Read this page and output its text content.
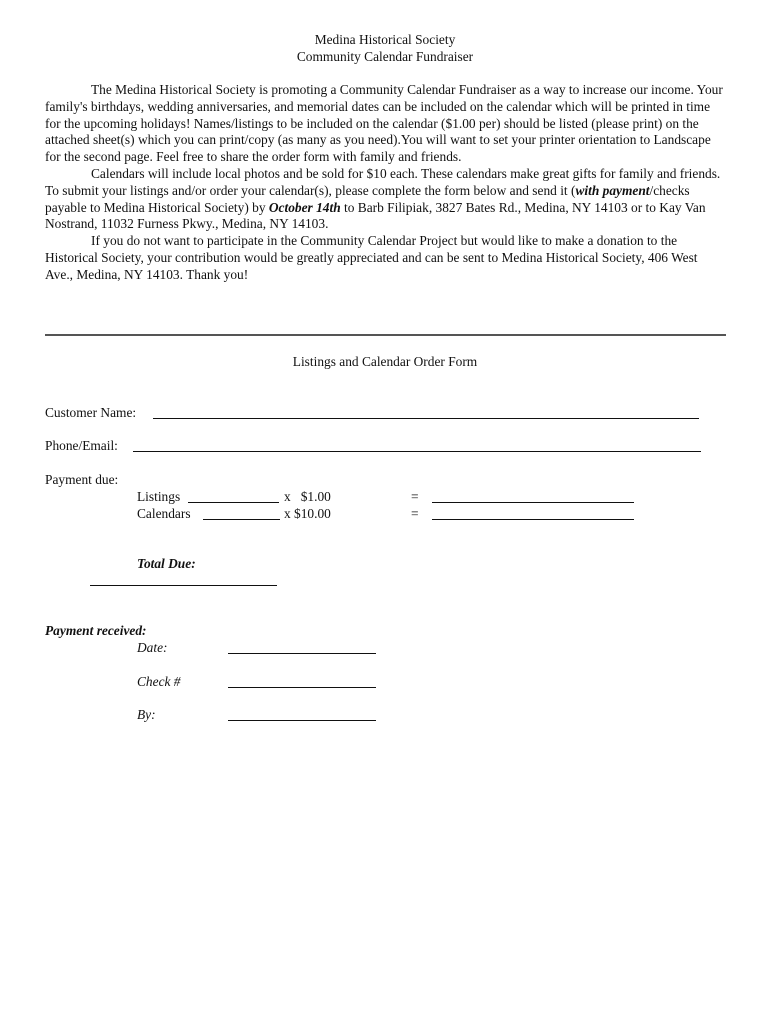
Medina Historical Society
Community Calendar Fundraiser

The Medina Historical Society is promoting a Community Calendar Fundraiser as a way to increase our income. Your family's birthdays, wedding anniversaries, and memorial dates can be included on the calendar which will be printed in time for the upcoming holidays! Names/listings to be included on the calendar ($1.00 per) should be listed (please print) on the attached sheet(s) which you can print/copy (as many as you need).You will want to set your printer orientation to Landscape for the second page. Feel free to share the order form with family and friends.

Calendars will include local photos and be sold for $10 each. These calendars make great gifts for family and friends. To submit your listings and/or order your calendar(s), please complete the form below and send it (with payment/checks payable to Medina Historical Society) by October 14th to Barb Filipiak, 3827 Bates Rd., Medina, NY 14103 or to Kay Van Nostrand, 11032 Furness Pkwy., Medina, NY 14103.

If you do not want to participate in the Community Calendar Project but would like to make a donation to the Historical Society, your contribution would be greatly appreciated and can be sent to Medina Historical Society, 406 West Ave., Medina, NY 14103. Thank you!

Listings and Calendar Order Form
Customer Name:
Phone/Email:
Payment due:
Listings	x   $1.00	=
Calendars	x $10.00	=
Total Due:
Payment received:
Date:
Check #
By:
